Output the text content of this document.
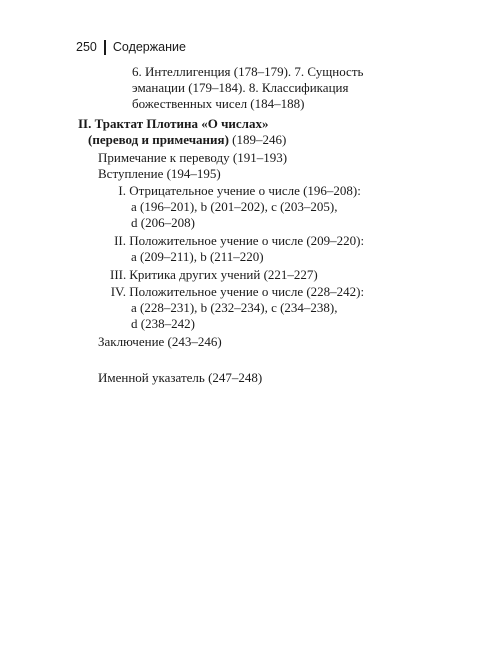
250 Содержание
6. Интеллигенция (178–179). 7. Сущность
эманации (179–184). 8. Классификация
божественных чисел (184–188)
II. Трактат Плотина «О числах»
(перевод и примечания) (189–246)
Примечание к переводу (191–193)
Вступление (194–195)
I. Отрицательное учение о числе (196–208):
a (196–201), b (201–202), c (203–205),
d (206–208)
II. Положительное учение о числе (209–220):
a (209–211), b (211–220)
III. Критика других учений (221–227)
IV. Положительное учение о числе (228–242):
a (228–231), b (232–234), c (234–238),
d (238–242)
Заключение (243–246)
Именной указатель (247–248)
